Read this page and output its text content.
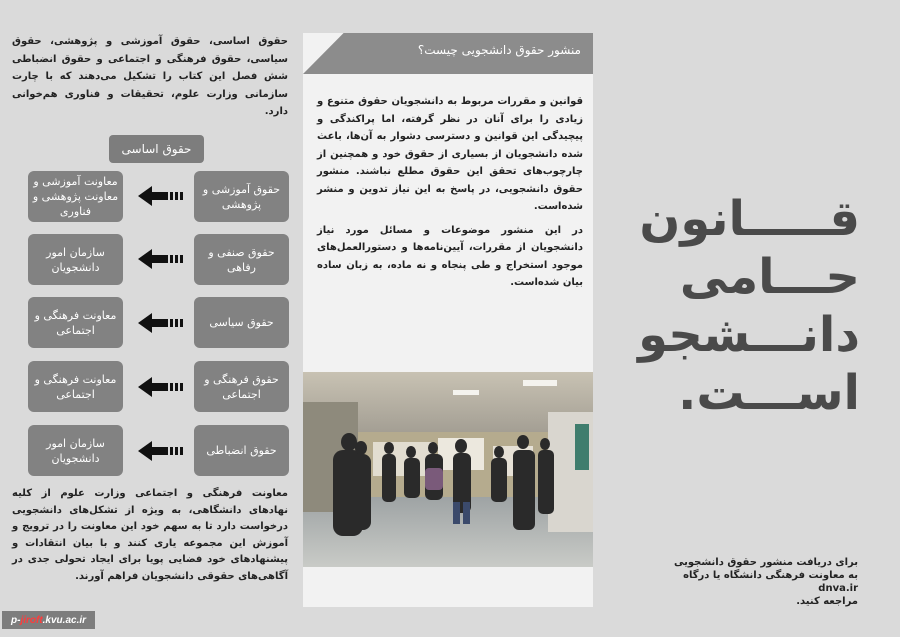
حقوق اساسی، حقوق آموزشی و پژوهشی، حقوق سیاسی، حقوق فرهنگی و اجتماعی و حقوق انضباطی شش فصل این کتاب را تشکیل می‌دهند که با چارت سازمانی وزارت علوم، تحقیقات و فناوری هم‌خوانی دارد.
حقوق اساسی
حقوق آموزشی و پژوهشی
معاونت آموزشی و معاونت پژوهشی و فناوری
حقوق صنفی و رفاهی
سازمان امور دانشجویان
حقوق سیاسی
معاونت فرهنگی و اجتماعی
حقوق فرهنگی و اجتماعی
معاونت فرهنگی و اجتماعی
حقوق انضباطی
سازمان امور دانشجویان
معاونت فرهنگی و اجتماعی وزارت علوم از کلیه نهادهای دانشگاهی، به ویژه از تشکل‌های دانشجویی درخواست دارد تا به سهم خود این معاونت را در ترویج و آموزش این مجموعه یاری کنند و با بیان انتقادات و پیشنهادهای خود فضایی پویا برای ایجاد تحولی جدی در آگاهی‌های حقوقی دانشجویان فراهم آورند.
منشور حقوق دانشجویی چیست؟

قوانین و مقررات مربوط به دانشجویان حقوق متنوع و زیادی را برای آنان در نظر گرفته، اما پراکندگی و پیچیدگی این قوانین و دسترسی دشوار به آن‌ها، باعث شده دانشجویان از بسیاری از حقوق خود و همچنین از چارچوب‌های تحقق این حقوق مطلع نباشند. منشور حقوق دانشجویی، در پاسخ به این نیاز تدوین و منشر شده‌است.

در این منشور موضوعات و مسائل مورد نیاز دانشجویان از مقررات، آیین‌نامه‌ها و دستورالعمل‌های موجود استخراج و طی پنجاه و نه ماده، به زبان ساده بیان شده‌است.

قـــــانون
حـــامی
دانـــشجو
اســـت.
برای دریافت منشور حقوق دانشجویی
به معاونت فرهنگی دانشگاه یا درگاه dnva.ir
مراجعه کنید.
p- jiroft .kvu.ac.ir
